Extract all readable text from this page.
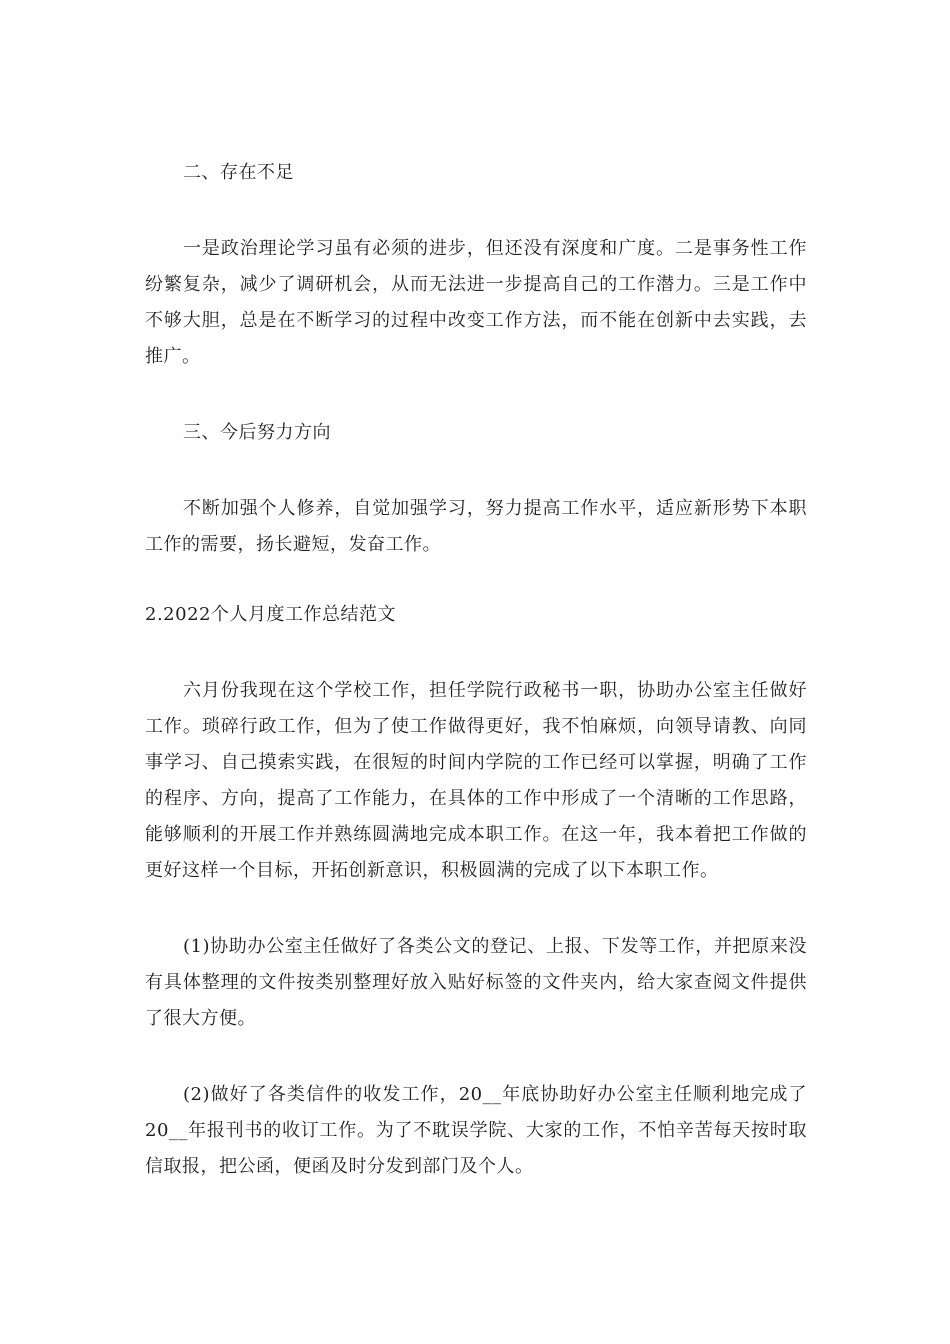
二、存在不足

一是政治理论学习虽有必须的进步，但还没有深度和广度。二是事务性工作纷繁复杂，减少了调研机会，从而无法进一步提高自己的工作潜力。三是工作中不够大胆，总是在不断学习的过程中改变工作方法，而不能在创新中去实践，去推广。

三、今后努力方向

不断加强个人修养，自觉加强学习，努力提高工作水平，适应新形势下本职工作的需要，扬长避短，发奋工作。

2.2022个人月度工作总结范文

六月份我现在这个学校工作，担任学院行政秘书一职，协助办公室主任做好工作。琐碎行政工作，但为了使工作做得更好，我不怕麻烦，向领导请教、向同事学习、自己摸索实践，在很短的时间内学院的工作已经可以掌握，明确了工作的程序、方向，提高了工作能力，在具体的工作中形成了一个清晰的工作思路，能够顺利的开展工作并熟练圆满地完成本职工作。在这一年，我本着把工作做的更好这样一个目标，开拓创新意识，积极圆满的完成了以下本职工作。

(1)协助办公室主任做好了各类公文的登记、上报、下发等工作，并把原来没有具体整理的文件按类别整理好放入贴好标签的文件夹内，给大家查阅文件提供了很大方便。

(2)做好了各类信件的收发工作，20__年底协助好办公室主任顺利地完成了20__年报刊书的收订工作。为了不耽误学院、大家的工作，不怕辛苦每天按时取信取报，把公函，便函及时分发到部门及个人。
